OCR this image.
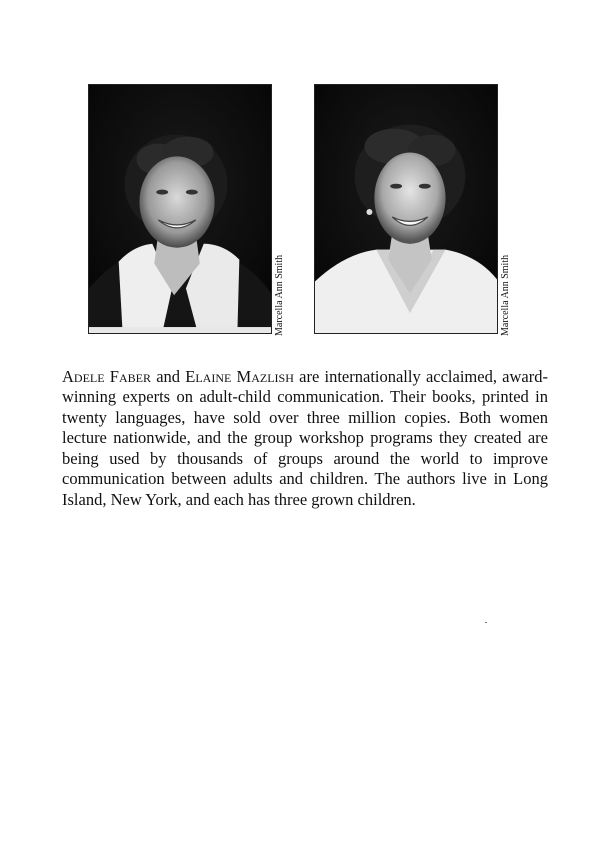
Marcella Ann Smith	Marcella Ann Smith

Adele Faber and Elaine Mazlish are internationally acclaimed, award-winning experts on adult-child communication. Their books, printed in twenty languages, have sold over three million copies. Both women lecture nationwide, and the group workshop programs they created are being used by thousands of groups around the world to improve communication between adults and children. The authors live in Long Island, New York, and each has three grown children.
